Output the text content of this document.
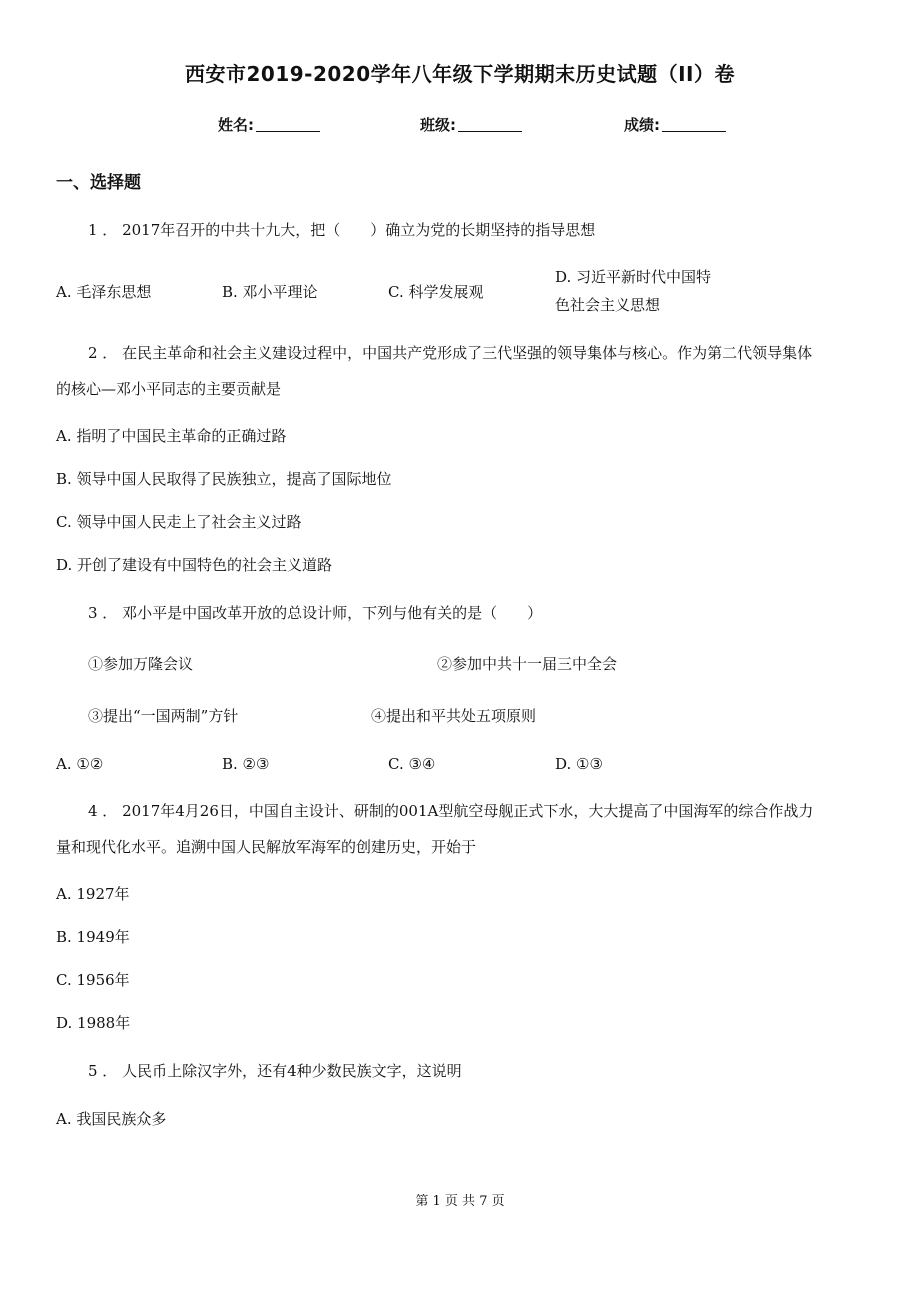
西安市2019-2020学年八年级下学期期末历史试题（II）卷
姓名:	班级:	成绩:
一、选择题
1 ． 2017年召开的中共十九大，把（　　）确立为党的长期坚持的指导思想
A. 毛泽东思想	B. 邓小平理论	C. 科学发展观
D. 习近平新时代中国特
色社会主义思想
2 ． 在民主革命和社会主义建设过程中，中国共产党形成了三代坚强的领导集体与核心。作为第二代领导集体
的核心—邓小平同志的主要贡献是
A. 指明了中国民主革命的正确过路
B. 领导中国人民取得了民族独立，提高了国际地位
C. 领导中国人民走上了社会主义过路
D. 开创了建设有中国特色的社会主义道路
3 ． 邓小平是中国改革开放的总设计师，下列与他有关的是（　　）
①参加万隆会议	②参加中共十一届三中全会
③提出“一国两制”方针	④提出和平共处五项原则
A. ①②	B. ②③	C. ③④	D. ①③
4 ． 2017年4月26日，中国自主设计、研制的001A型航空母舰正式下水，大大提高了中国海军的综合作战力
量和现代化水平。追溯中国人民解放军海军的创建历史，开始于
A. 1927年
B. 1949年
C. 1956年
D. 1988年
5 ． 人民币上除汉字外，还有4种少数民族文字，这说明
A. 我国民族众多
第 1 页 共 7 页
